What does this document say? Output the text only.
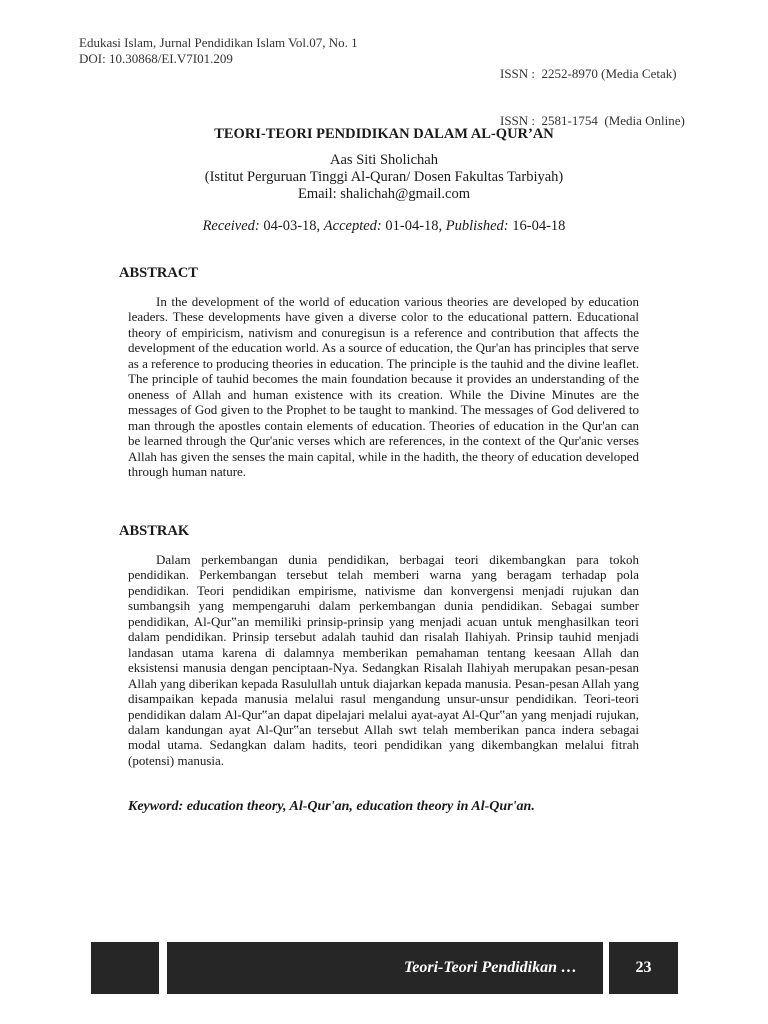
Edukasi Islam, Jurnal Pendidikan Islam Vol.07, No. 1
DOI: 10.30868/EI.V7I01.209

ISSN :  2252-8970 (Media Cetak)

ISSN :  2581-1754  (Media Online)

TEORI-TEORI PENDIDIKAN DALAM AL-QUR’AN
Aas Siti Sholichah
(Istitut Perguruan Tinggi Al-Quran/ Dosen Fakultas Tarbiyah)
Email: shalichah@gmail.com
Received: 04-03-18, Accepted: 01-04-18, Published: 16-04-18
ABSTRACT
In the development of the world of education various theories are developed by education leaders. These developments have given a diverse color to the educational pattern. Educational theory of empiricism, nativism and conuregisun is a reference and contribution that affects the development of the education world. As a source of education, the Qur'an has principles that serve as a reference to producing theories in education. The principle is the tauhid and the divine leaflet. The principle of tauhid becomes the main foundation because it provides an understanding of the oneness of Allah and human existence with its creation. While the Divine Minutes are the messages of God given to the Prophet to be taught to mankind. The messages of God delivered to man through the apostles contain elements of education. Theories of education in the Qur'an can be learned through the Qur'anic verses which are references, in the context of the Qur'anic verses Allah has given the senses the main capital, while in the hadith, the theory of education developed through human nature.
ABSTRAK
Dalam perkembangan dunia pendidikan, berbagai teori dikembangkan para tokoh pendidikan. Perkembangan tersebut telah memberi warna yang beragam terhadap pola pendidikan. Teori pendidikan empirisme, nativisme dan konvergensi menjadi rujukan dan sumbangsih yang mempengaruhi dalam perkembangan dunia pendidikan. Sebagai sumber pendidikan, Al-Qur‟an memiliki prinsip-prinsip yang menjadi acuan untuk menghasilkan teori dalam pendidikan. Prinsip tersebut adalah tauhid dan risalah Ilahiyah. Prinsip tauhid menjadi landasan utama karena di dalamnya memberikan pemahaman tentang keesaan Allah dan eksistensi manusia dengan penciptaan-Nya. Sedangkan Risalah Ilahiyah merupakan pesan-pesan Allah yang diberikan kepada Rasulullah untuk diajarkan kepada manusia. Pesan-pesan Allah yang disampaikan kepada manusia melalui rasul mengandung unsur-unsur pendidikan. Teori-teori pendidikan dalam Al-Qur‟an dapat dipelajari melalui ayat-ayat Al-Qur‟an yang menjadi rujukan, dalam kandungan ayat Al-Qur‟an tersebut Allah swt telah memberikan panca indera sebagai modal utama. Sedangkan dalam hadits, teori pendidikan yang dikembangkan melalui fitrah (potensi) manusia.
Keyword: education theory, Al-Qur'an, education theory in Al-Qur'an.
Teori-Teori Pendidikan …	23
